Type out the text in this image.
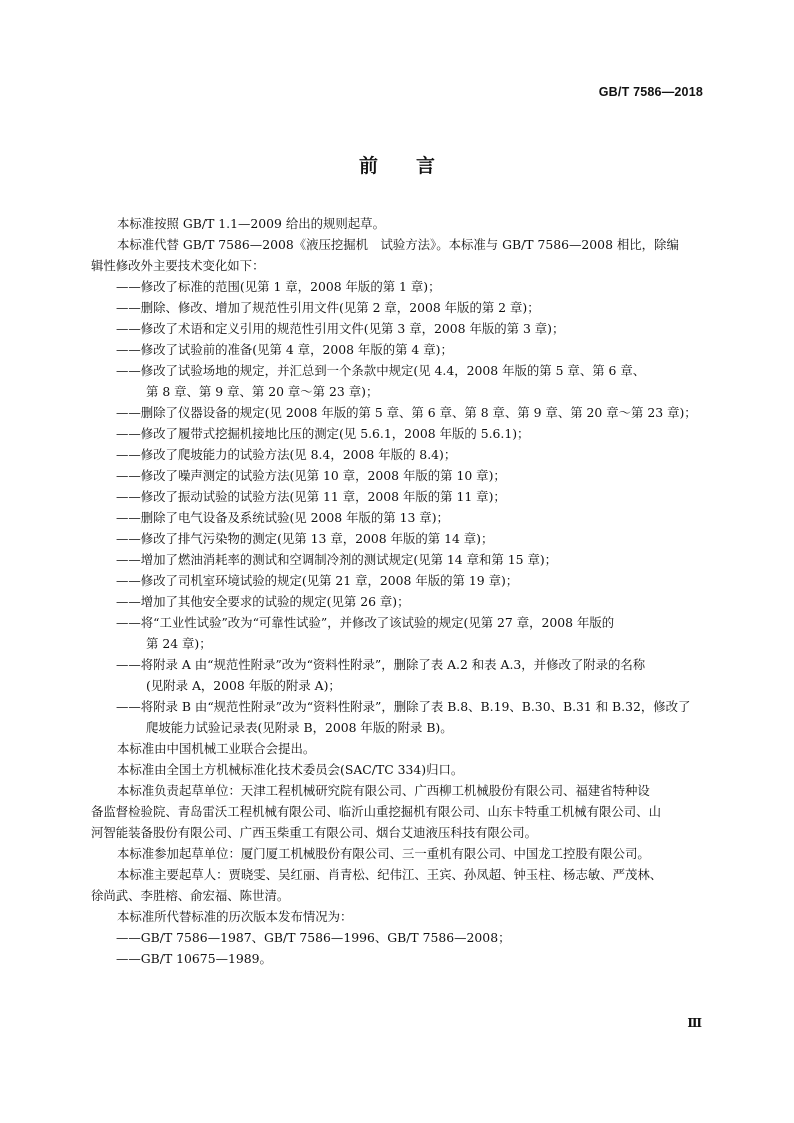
GB/T 7586—2018
前 言
本标准按照 GB/T 1.1—2009 给出的规则起草。
本标准代替 GB/T 7586—2008《液压挖掘机　试验方法》。本标准与 GB/T 7586—2008 相比，除编
辑性修改外主要技术变化如下：
——修改了标准的范围(见第 1 章，2008 年版的第 1 章)；
——删除、修改、增加了规范性引用文件(见第 2 章，2008 年版的第 2 章)；
——修改了术语和定义引用的规范性引用文件(见第 3 章，2008 年版的第 3 章)；
——修改了试验前的准备(见第 4 章，2008 年版的第 4 章)；
——修改了试验场地的规定，并汇总到一个条款中规定(见 4.4，2008 年版的第 5 章、第 6 章、
第 8 章、第 9 章、第 20 章～第 23 章)；
——删除了仪器设备的规定(见 2008 年版的第 5 章、第 6 章、第 8 章、第 9 章、第 20 章～第 23 章)；
——修改了履带式挖掘机接地比压的测定(见 5.6.1，2008 年版的 5.6.1)；
——修改了爬坡能力的试验方法(见 8.4，2008 年版的 8.4)；
——修改了噪声测定的试验方法(见第 10 章，2008 年版的第 10 章)；
——修改了振动试验的试验方法(见第 11 章，2008 年版的第 11 章)；
——删除了电气设备及系统试验(见 2008 年版的第 13 章)；
——修改了排气污染物的测定(见第 13 章，2008 年版的第 14 章)；
——增加了燃油消耗率的测试和空调制冷剂的测试规定(见第 14 章和第 15 章)；
——修改了司机室环境试验的规定(见第 21 章，2008 年版的第 19 章)；
——增加了其他安全要求的试验的规定(见第 26 章)；
——将“工业性试验”改为“可靠性试验”，并修改了该试验的规定(见第 27 章，2008 年版的
第 24 章)；
——将附录 A 由“规范性附录”改为“资料性附录”，删除了表 A.2 和表 A.3，并修改了附录的名称
(见附录 A，2008 年版的附录 A)；
——将附录 B 由“规范性附录”改为“资料性附录”，删除了表 B.8、B.19、B.30、B.31 和 B.32，修改了
爬坡能力试验记录表(见附录 B，2008 年版的附录 B)。
本标准由中国机械工业联合会提出。
本标准由全国土方机械标准化技术委员会(SAC/TC 334)归口。
本标准负责起草单位：天津工程机械研究院有限公司、广西柳工机械股份有限公司、福建省特种设
备监督检验院、青岛雷沃工程机械有限公司、临沂山重挖掘机有限公司、山东卡特重工机械有限公司、山
河智能装备股份有限公司、广西玉柴重工有限公司、烟台艾迪液压科技有限公司。
本标准参加起草单位：厦门厦工机械股份有限公司、三一重机有限公司、中国龙工控股有限公司。
本标准主要起草人：贾晓雯、吴红丽、肖青松、纪伟江、王宾、孙凤超、钟玉柱、杨志敏、严茂林、
徐尚武、李胜榕、俞宏福、陈世清。
本标准所代替标准的历次版本发布情况为：
——GB/T 7586—1987、GB/T 7586—1996、GB/T 7586—2008；
——GB/T 10675—1989。
Ⅲ
